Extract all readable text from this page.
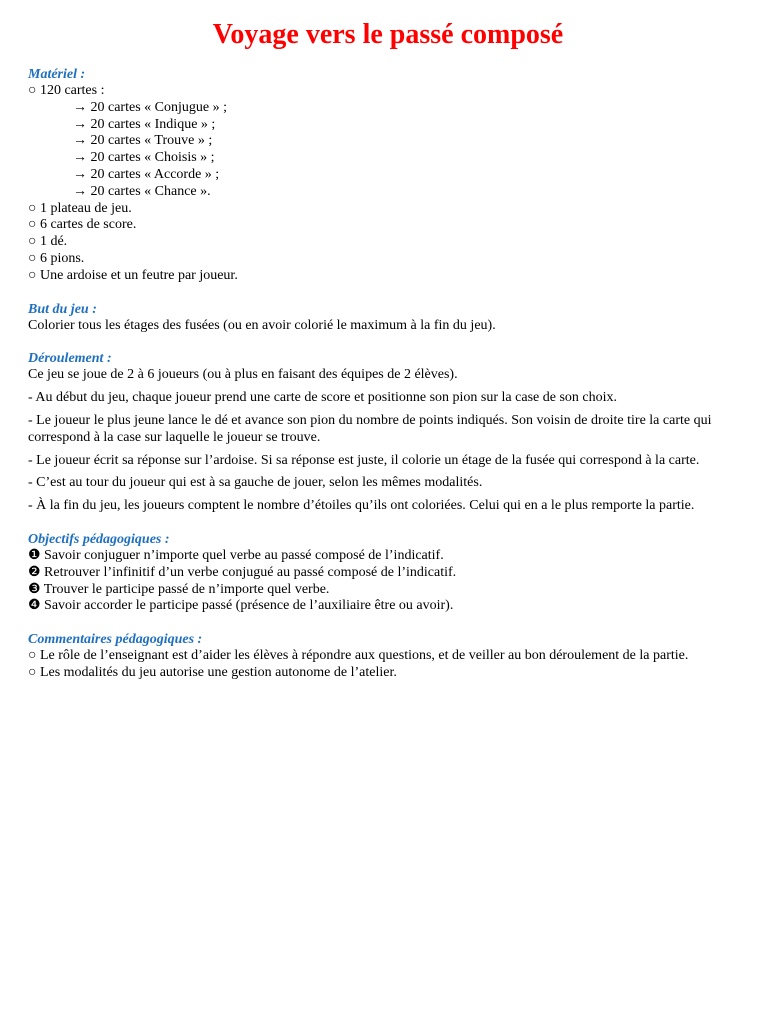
Voyage vers le passé composé
Matériel :
○ 120 cartes :
→ 20 cartes « Conjugue » ;
→ 20 cartes « Indique » ;
→ 20 cartes « Trouve » ;
→ 20 cartes « Choisis » ;
→ 20 cartes « Accorde » ;
→ 20 cartes « Chance ».
○ 1 plateau de jeu.
○ 6 cartes de score.
○ 1 dé.
○ 6 pions.
○ Une ardoise et un feutre par joueur.
But du jeu :
Colorier tous les étages des fusées (ou en avoir colorié le maximum à la fin du jeu).
Déroulement :
Ce jeu se joue de 2 à 6 joueurs (ou à plus en faisant des équipes de 2 élèves).
- Au début du jeu, chaque joueur prend une carte de score et positionne son pion sur la case de son choix.
- Le joueur le plus jeune lance le dé et avance son pion du nombre de points indiqués. Son voisin de droite tire la carte qui correspond à la case sur laquelle le joueur se trouve.
- Le joueur écrit sa réponse sur l’ardoise. Si sa réponse est juste, il colorie un étage de la fusée qui correspond à la carte.
- C’est au tour du joueur qui est à sa gauche de jouer, selon les mêmes modalités.
- À la fin du jeu, les joueurs comptent le nombre d’étoiles qu’ils ont coloriées. Celui qui en a le plus remporte la partie.
Objectifs pédagogiques :
❶ Savoir conjuguer n’importe quel verbe au passé composé de l’indicatif.
❷ Retrouver l’infinitif d’un verbe conjugué au passé composé de l’indicatif.
❸ Trouver le participe passé de n’importe quel verbe.
❹ Savoir accorder le participe passé (présence de l’auxiliaire être ou avoir).
Commentaires pédagogiques :
○ Le rôle de l’enseignant est d’aider les élèves à répondre aux questions, et de veiller au bon déroulement de la partie.
○ Les modalités du jeu autorise une gestion autonome de l’atelier.
